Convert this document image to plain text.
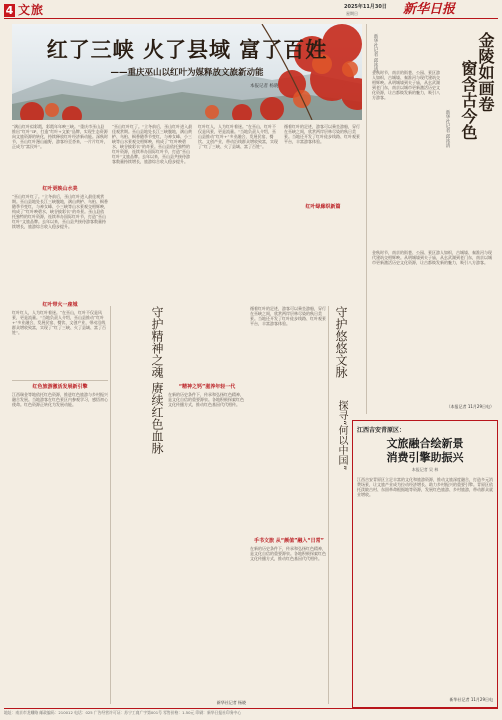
4 文旅	2025年11月30日
星期日	新华日报
红了三峡 火了县域 富了百姓
——重庆巫山以红叶为媒释放文旅新动能
本报记者 杨晓
新华社记者 邱冰清

金秋时节，南京的街巷、公园、景区游人如织，古城墙、秦淮河与现代建筑交相辉映。从明城墙到夫子庙，从玄武湖到老门东，南京以城市更新激活历史文化资源，让古都焕发新的魅力，吸引八方游客。	金陵如画卷
窗含古今色
新华社记者 邱冰清

金秋时节，南京的街巷、公园、景区游人如织，古城墙、秦淮河与现代建筑交相辉映。从明城墙到夫子庙，从玄武湖到老门东，南京以城市更新激活历史文化资源，让古都焕发新的魅力，吸引八方游客。

（本报记者 11月29日电）

“满山红叶似彩霞，彩霞年年映三峡。”重庆市巫山县推出“红叶”IP，打造“红叶+文旅”品牌，实现生态资源向文旅资源的转化，持续释放红叶经济新动能。深秋时节，巫山红叶漫山遍野，游客纷至沓来，一片片红叶，正成为“富民叶”。

红叶更映山水美

“巫山红叶红了。”立冬前后，巫山红叶进入最佳观赏期。巫山县地处长江三峡腹地，满山黄栌、乌桕、枫香随季节变红，与神女峰、小三峡等山水景观交相辉映，构成了“红叶映碧水，峡谷披彩衣”的奇景。巫山县依托独特的红叶资源，连续举办国际红叶节，打造“巫山红叶”文旅品牌。去年以来，巫山县共接待游客数量持续增长，旅游综合收入稳步提升。

红叶带火一座城

红叶红人，人为红叶着迷。“在巫山，红叶不仅是风景，更是流量。”当地负责人介绍，巫山县推动“红叶+”多业融合，发展民宿、餐饮、文创产业，带动沿线群众增收致富，实现了“红了三峡、火了县域、富了百姓”。

“巫山红叶红了。”立冬前后，巫山红叶进入最佳观赏期。巫山县地处长江三峡腹地，满山黄栌、乌桕、枫香随季节变红，与神女峰、小三峡等山水景观交相辉映，构成了“红叶映碧水，峡谷披彩衣”的奇景。巫山县依托独特的红叶资源，连续举办国际红叶节，打造“巫山红叶”文旅品牌。去年以来，巫山县共接待游客数量持续增长，旅游综合收入稳步提升。

红叶红人，人为红叶着迷。“在巫山，红叶不仅是风景，更是流量。”当地负责人介绍，巫山县推动“红叶+”多业融合，发展民宿、餐饮、文创产业，带动沿线群众增收致富，实现了“红了三峡、火了县域、富了百姓”。

红叶绿廊织新篇

循着红叶的足迹，游客可以乘坐游船，穿行在巫峡之间，欣赏两岸层林尽染的秋日美景。当地还开发了红叶徒步线路、红叶观景平台，丰富游客体验。

红色旅游激活发展新引擎

江西瑞金等地依托红色资源，推进红色旅游与乡村振兴融合发展。当地游客在红色景区内参观学习，感悟初心使命。红色资源正转化为发展动能。	守护精神之魂 赓续红色血脉	“精神之钙”滋养年轻一代

在新的历史条件下，传承和弘扬红色精神，是文化自信的重要源泉。各地积极探索红色文化传播方式，推动红色基因代代相传。

新华社记者 杨晓
手书文旅 从“颜值”融入“日常”

循着红叶的足迹，游客可以乘坐游船，穿行在巫峡之间，欣赏两岸层林尽染的秋日美景。当地还开发了红叶徒步线路、红叶观景平台，丰富游客体验。

在新的历史条件下，传承和弘扬红色精神，是文化自信的重要源泉。各地积极探索红色文化传播方式，推动红色基因代代相传。

守护悠悠文脉
探寻“何以中国” 江西吉安青原区：
文旅融合绘新景
消费引擎助振兴
本报记者 吴 林

江西吉安青原区立足丰富的文化和旅游资源，推动文旅深度融合，打造多元消费场景，让文旅产业成为拉动经济增长、助力乡村振兴的重要引擎。青原区依托渼陂古村、东固革命根据地等资源，发展红色旅游、乡村旅游，带动群众就业增收。

新华社记者 11月29日电
地址：南京市龙蟠路 邮政编码：210012 电话：025 广告经营许可证：苏宁工商广字第001号 零售价格：1.50元 印刷：新华日报社印务中心
